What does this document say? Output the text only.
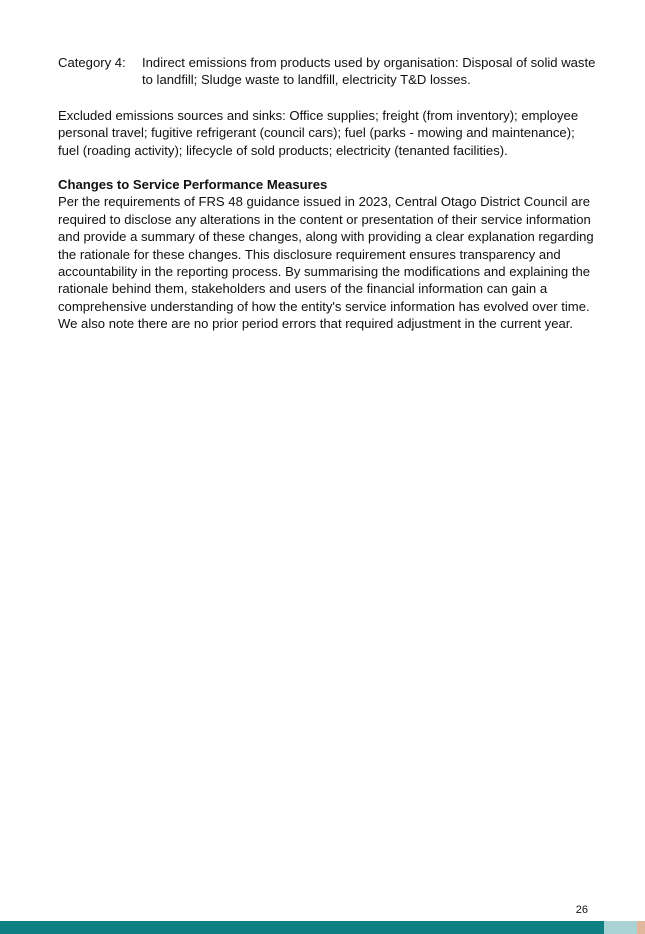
Category 4:	Indirect emissions from products used by organisation: Disposal of solid waste to landfill; Sludge waste to landfill, electricity T&D losses.

Excluded emissions sources and sinks: Office supplies; freight (from inventory); employee personal travel; fugitive refrigerant (council cars); fuel (parks - mowing and maintenance); fuel (roading activity); lifecycle of sold products; electricity (tenanted facilities).

Changes to Service Performance Measures

Per the requirements of FRS 48 guidance issued in 2023, Central Otago District Council are required to disclose any alterations in the content or presentation of their service information and provide a summary of these changes, along with providing a clear explanation regarding the rationale for these changes. This disclosure requirement ensures transparency and accountability in the reporting process. By summarising the modifications and explaining the rationale behind them, stakeholders and users of the financial information can gain a comprehensive understanding of how the entity's service information has evolved over time. We also note there are no prior period errors that required adjustment in the current year.

26
